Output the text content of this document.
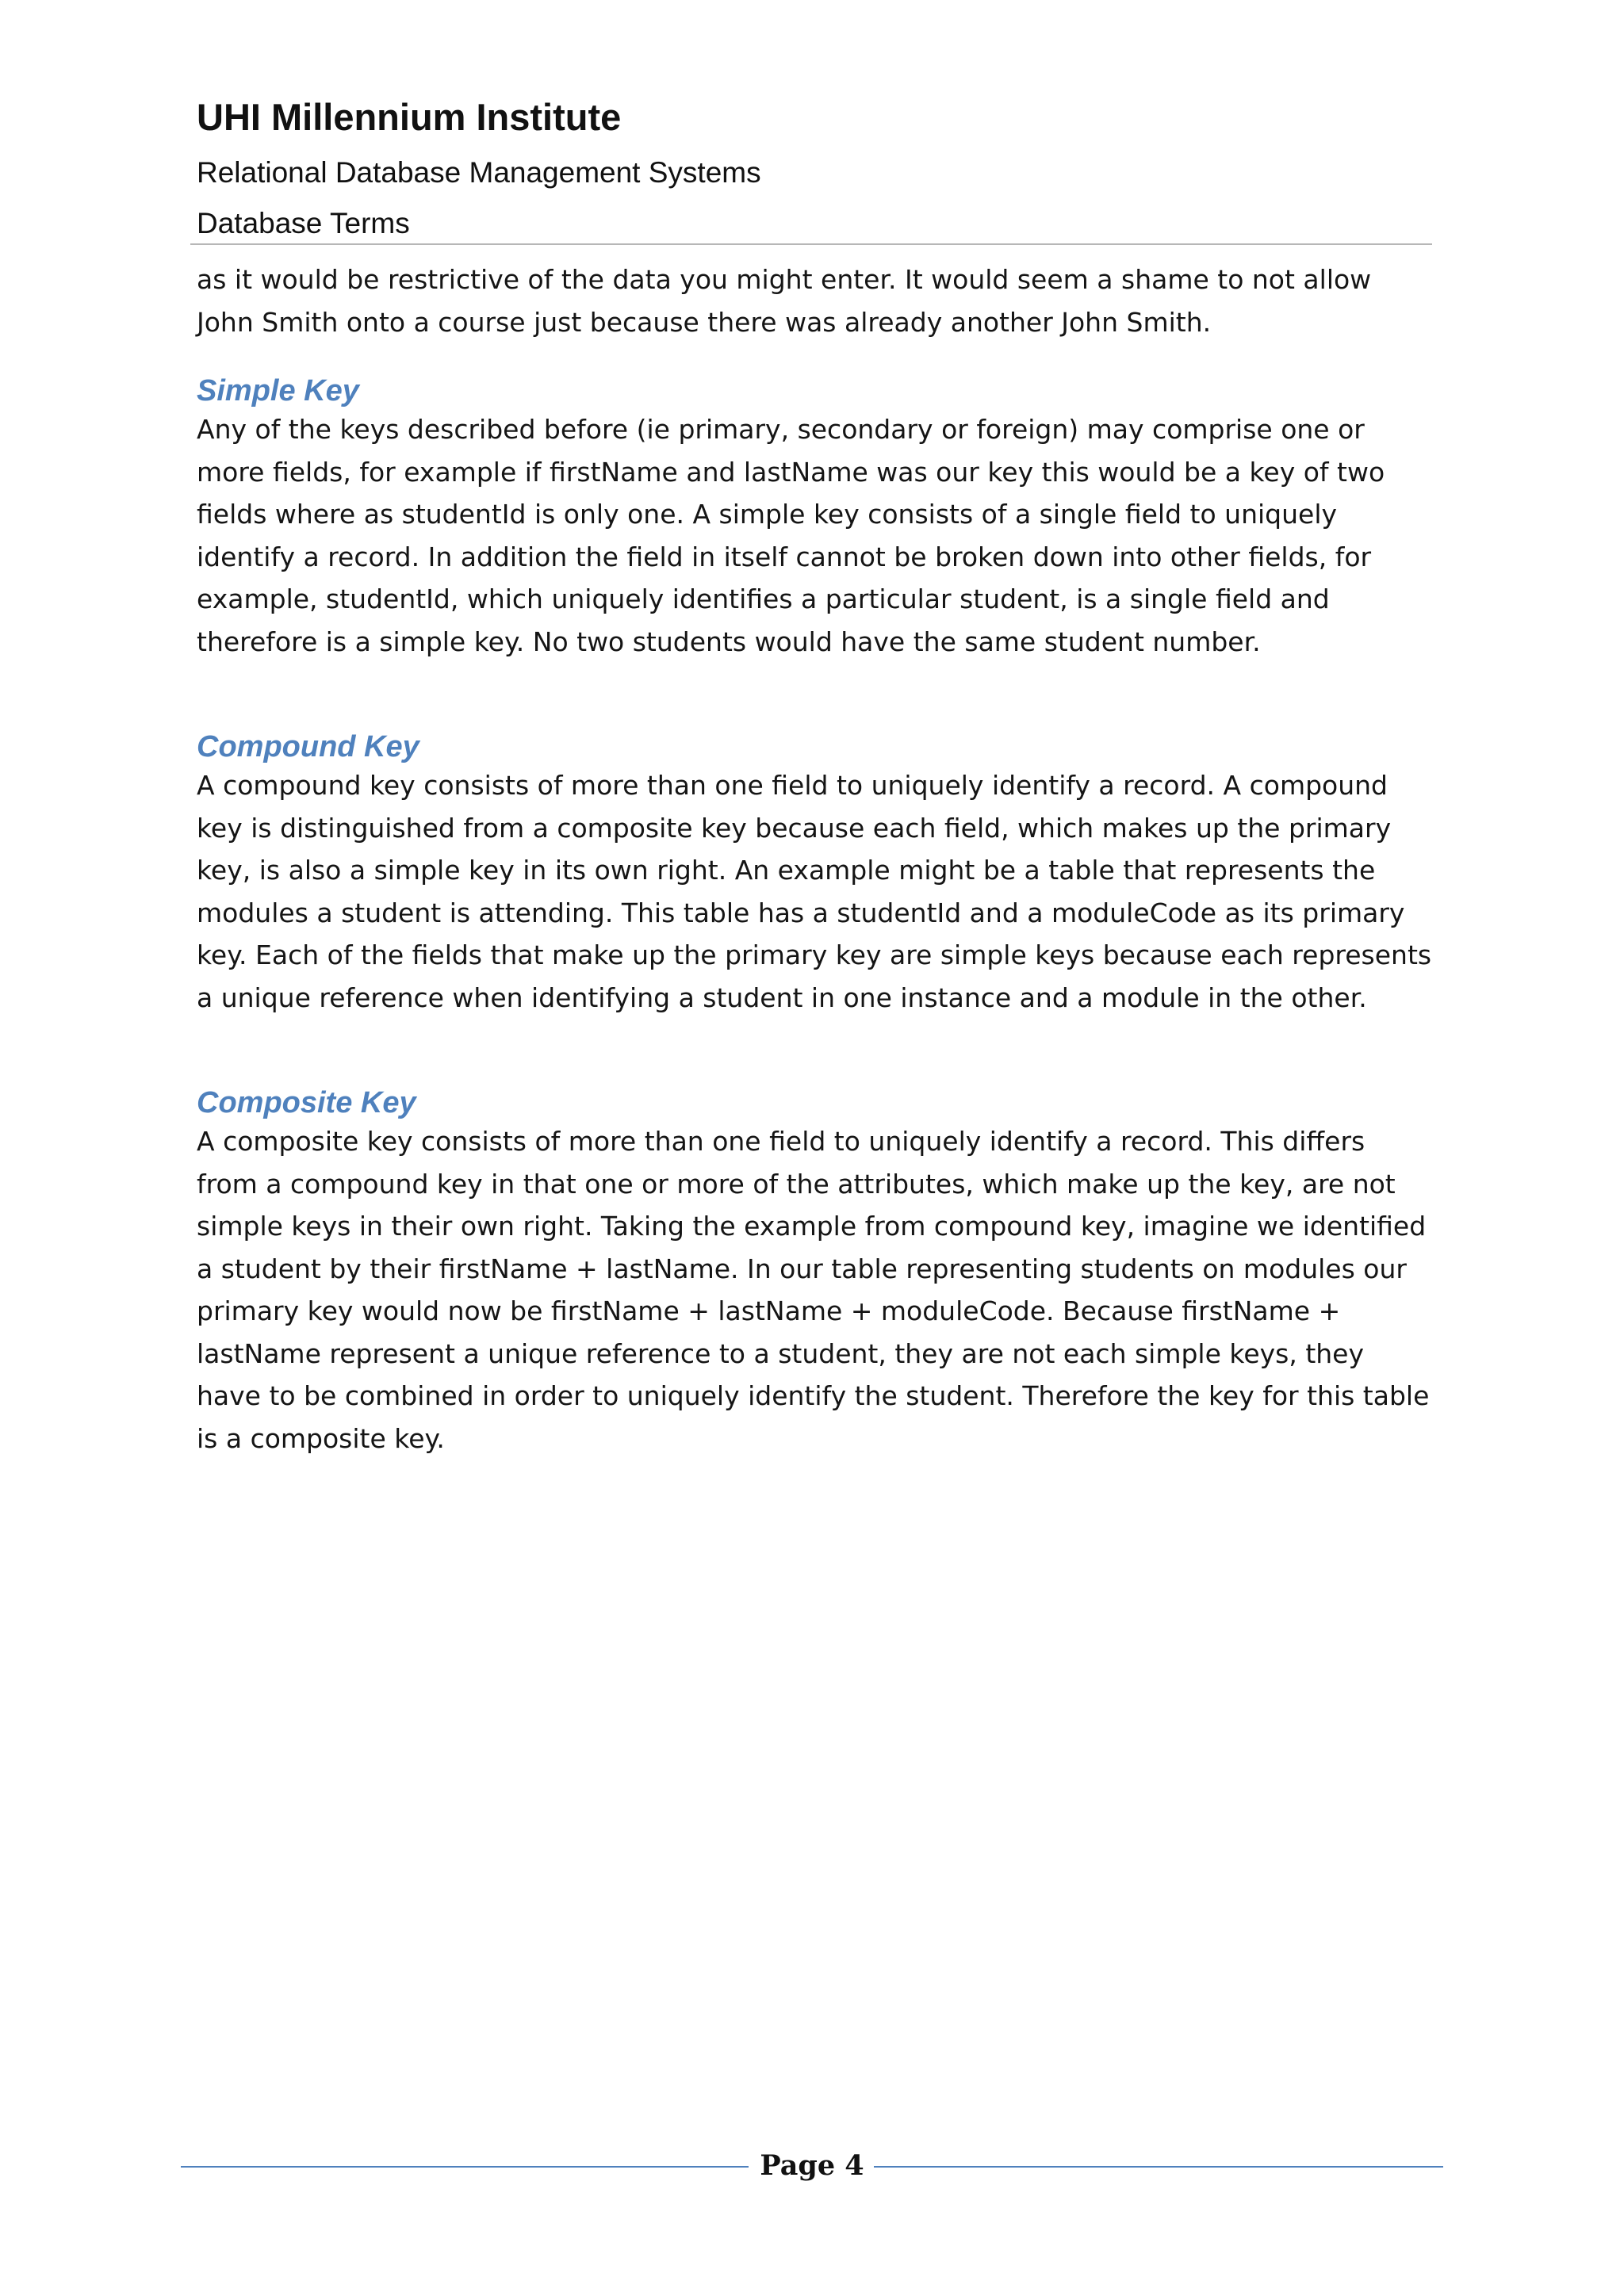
UHI Millennium Institute
Relational Database Management Systems
Database Terms

as it would be restrictive of the data you might enter. It would seem a shame to not allow John Smith onto a course just because there was already another John Smith.

Simple Key

Any of the keys described before (ie primary, secondary or foreign) may comprise one or more fields, for example if firstName and lastName was our key this would be a key of two fields where as studentId is only one. A simple key consists of a single field to uniquely identify a record. In addition the field in itself cannot be broken down into other fields, for example, studentId, which uniquely identifies a particular student, is a single field and therefore is a simple key. No two students would have the same student number.

Compound Key

A compound key consists of more than one field to uniquely identify a record. A compound key is distinguished from a composite key because each field, which makes up the primary key, is also a simple key in its own right. An example might be a table that represents the modules a student is attending. This table has a studentId and a moduleCode as its primary key. Each of the fields that make up the primary key are simple keys because each represents a unique reference when identifying a student in one instance and a module in the other.

Composite Key

A composite key consists of more than one field to uniquely identify a record. This differs from a compound key in that one or more of the attributes, which make up the key, are not simple keys in their own right. Taking the example from compound key, imagine we identified a student by their firstName + lastName. In our table representing students on modules our primary key would now be firstName + lastName + moduleCode. Because firstName + lastName represent a unique reference to a student, they are not each simple keys, they have to be combined in order to uniquely identify the student. Therefore the key for this table is a composite key.

Page 4
